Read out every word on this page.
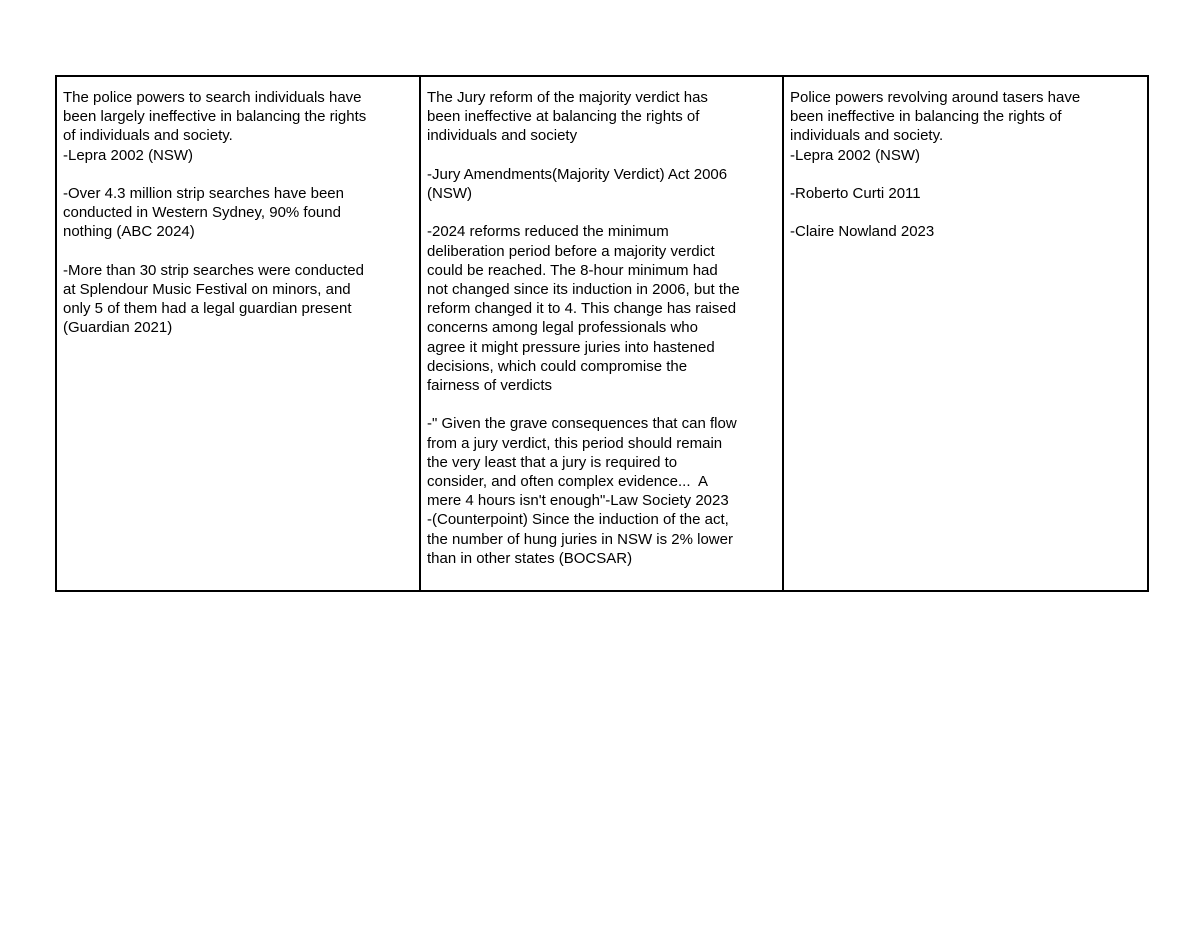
The police powers to search individuals have
been largely ineffective in balancing the rights
of individuals and society.
-Lepra 2002 (NSW)
-Over 4.3 million strip searches have been
conducted in Western Sydney, 90% found
nothing (ABC 2024)
-More than 30 strip searches were conducted
at Splendour Music Festival on minors, and
only 5 of them had a legal guardian present
(Guardian 2021)

The Jury reform of the majority verdict has
been ineffective at balancing the rights of
individuals and society
-Jury Amendments(Majority Verdict) Act 2006
(NSW)
-2024 reforms reduced the minimum
deliberation period before a majority verdict
could be reached. The 8-hour minimum had
not changed since its induction in 2006, but the
reform changed it to 4. This change has raised
concerns among legal professionals who
agree it might pressure juries into hastened
decisions, which could compromise the
fairness of verdicts
-" Given the grave consequences that can flow
from a jury verdict, this period should remain
the very least that a jury is required to
consider, and often complex evidence...  A
mere 4 hours isn't enough"-Law Society 2023
-(Counterpoint) Since the induction of the act,
the number of hung juries in NSW is 2% lower
than in other states (BOCSAR)

Police powers revolving around tasers have
been ineffective in balancing the rights of
individuals and society.
-Lepra 2002 (NSW)
-Roberto Curti 2011
-Claire Nowland 2023
